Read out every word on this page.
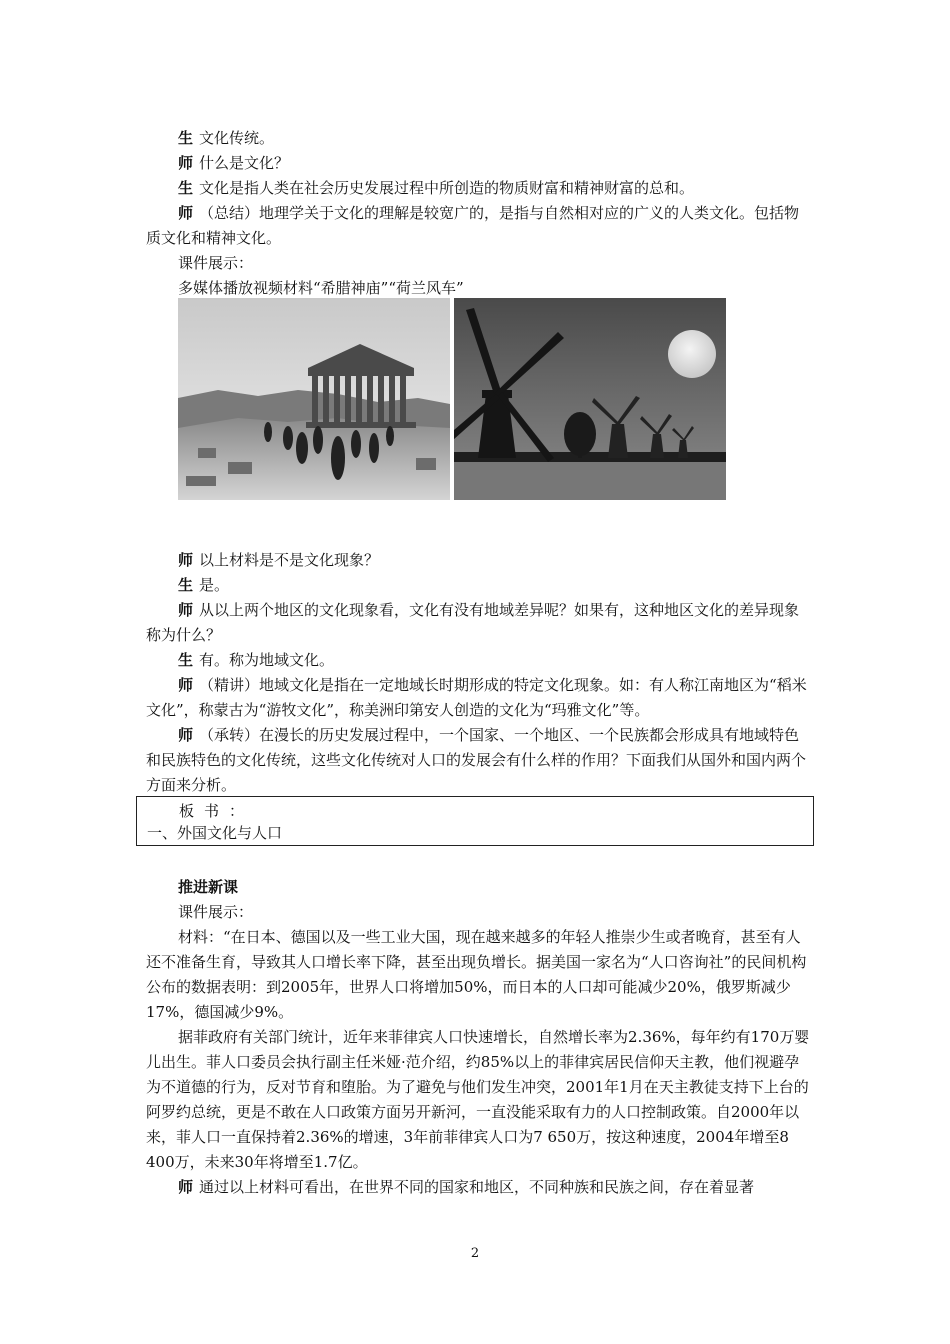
生 文化传统。

师 什么是文化？

生 文化是指人类在社会历史发展过程中所创造的物质财富和精神财富的总和。

师 （总结）地理学关于文化的理解是较宽广的，是指与自然相对应的广义的人类文化。包括物质文化和精神文化。

课件展示：

多媒体播放视频材料“希腊神庙”“荷兰风车”

师 以上材料是不是文化现象？

生 是。

师 从以上两个地区的文化现象看，文化有没有地域差异呢？如果有，这种地区文化的差异现象称为什么？

生 有。称为地域文化。

师 （精讲）地域文化是指在一定地域长时期形成的特定文化现象。如：有人称江南地区为“稻米文化”，称蒙古为“游牧文化”，称美洲印第安人创造的文化为“玛雅文化”等。

师 （承转）在漫长的历史发展过程中，一个国家、一个地区、一个民族都会形成具有地域特色和民族特色的文化传统，这些文化传统对人口的发展会有什么样的作用？下面我们从国外和国内两个方面来分析。

板书：
一、外国文化与人口
推进新课

课件展示：

材料：“在日本、德国以及一些工业大国，现在越来越多的年轻人推崇少生或者晚育，甚至有人还不准备生育，导致其人口增长率下降，甚至出现负增长。据美国一家名为“人口咨询社”的民间机构公布的数据表明：到2005年，世界人口将增加50%，而日本的人口却可能减少20%，俄罗斯减少17%，德国减少9%。

据菲政府有关部门统计，近年来菲律宾人口快速增长，自然增长率为2.36%，每年约有170万婴儿出生。菲人口委员会执行副主任米娅·范介绍，约85%以上的菲律宾居民信仰天主教，他们视避孕为不道德的行为，反对节育和堕胎。为了避免与他们发生冲突，2001年1月在天主教徒支持下上台的阿罗约总统，更是不敢在人口政策方面另开新河，一直没能采取有力的人口控制政策。自2000年以来，菲人口一直保持着2.36%的增速，3年前菲律宾人口为7 650万，按这种速度，2004年增至8 400万，未来30年将增至1.7亿。

师 通过以上材料可看出，在世界不同的国家和地区，不同种族和民族之间，存在着显著

2
